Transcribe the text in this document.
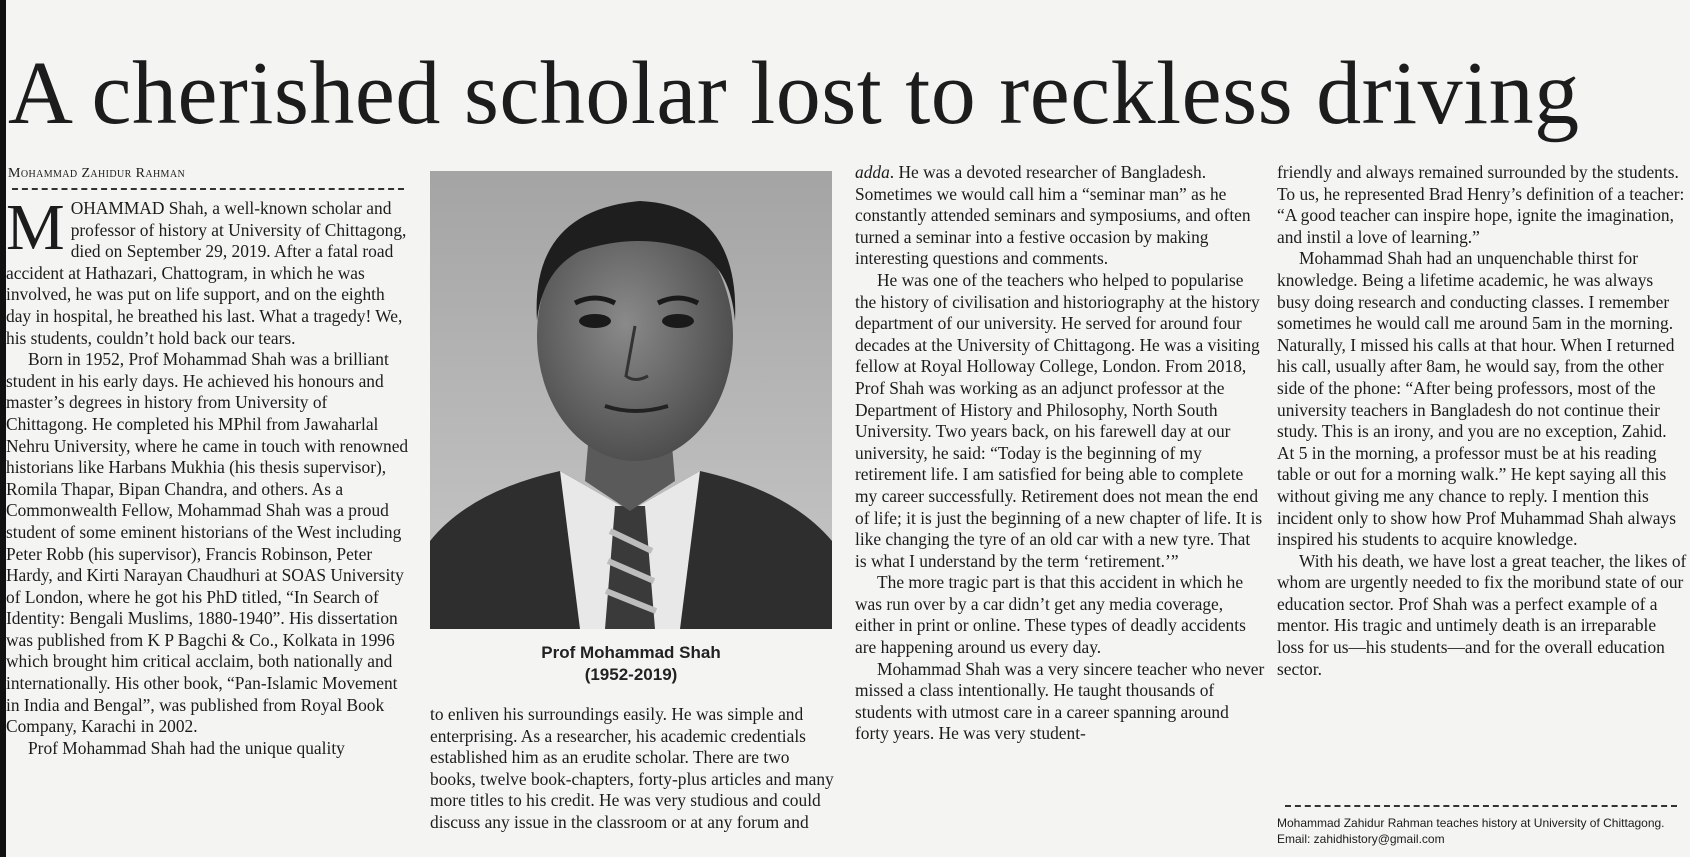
A cherished scholar lost to reckless driving
Mohammad Zahidur Rahman

MOHAMMAD Shah, a well-known scholar and professor of history at University of Chittagong, died on September 29, 2019. After a fatal road accident at Hathazari, Chattogram, in which he was involved, he was put on life support, and on the eighth day in hospital, he breathed his last. What a tragedy! We, his students, couldn’t hold back our tears.

Born in 1952, Prof Mohammad Shah was a brilliant student in his early days. He achieved his honours and master’s degrees in history from University of Chittagong. He completed his MPhil from Jawaharlal Nehru University, where he came in touch with renowned historians like Harbans Mukhia (his thesis supervisor), Romila Thapar, Bipan Chandra, and others. As a Commonwealth Fellow, Mohammad Shah was a proud student of some eminent historians of the West including Peter Robb (his supervisor), Francis Robinson, Peter Hardy, and Kirti Narayan Chaudhuri at SOAS University of London, where he got his PhD titled, “In Search of Identity: Bengali Muslims, 1880-1940”. His dissertation was published from K P Bagchi & Co., Kolkata in 1996 which brought him critical acclaim, both nationally and internationally. His other book, “Pan-Islamic Movement in India and Bengal”, was published from Royal Book Company, Karachi in 2002.

Prof Mohammad Shah had the unique quality

Prof Mohammad Shah
(1952-2019)

to enliven his surroundings easily. He was simple and enterprising. As a researcher, his academic credentials established him as an erudite scholar. There are two books, twelve book-chapters, forty-plus articles and many more titles to his credit. He was very studious and could discuss any issue in the classroom or at any forum and

adda. He was a devoted researcher of Bangladesh. Sometimes we would call him a “seminar man” as he constantly attended seminars and symposiums, and often turned a seminar into a festive occasion by making interesting questions and comments.

He was one of the teachers who helped to popularise the history of civilisation and historiography at the history department of our university. He served for around four decades at the University of Chittagong. He was a visiting fellow at Royal Holloway College, London. From 2018, Prof Shah was working as an adjunct professor at the Department of History and Philosophy, North South University. Two years back, on his farewell day at our university, he said: “Today is the beginning of my retirement life. I am satisfied for being able to complete my career successfully. Retirement does not mean the end of life; it is just the beginning of a new chapter of life. It is like changing the tyre of an old car with a new tyre. That is what I understand by the term ‘retirement.’”

The more tragic part is that this accident in which he was run over by a car didn’t get any media coverage, either in print or online. These types of deadly accidents are happening around us every day.

Mohammad Shah was a very sincere teacher who never missed a class intentionally. He taught thousands of students with utmost care in a career spanning around forty years. He was very student-

friendly and always remained surrounded by the students. To us, he represented Brad Henry’s definition of a teacher: “A good teacher can inspire hope, ignite the imagination, and instil a love of learning.”

Mohammad Shah had an unquenchable thirst for knowledge. Being a lifetime academic, he was always busy doing research and conducting classes. I remember sometimes he would call me around 5am in the morning. Naturally, I missed his calls at that hour. When I returned his call, usually after 8am, he would say, from the other side of the phone: “After being professors, most of the university teachers in Bangladesh do not continue their study. This is an irony, and you are no exception, Zahid. At 5 in the morning, a professor must be at his reading table or out for a morning walk.” He kept saying all this without giving me any chance to reply. I mention this incident only to show how Prof Muhammad Shah always inspired his students to acquire knowledge.

With his death, we have lost a great teacher, the likes of whom are urgently needed to fix the moribund state of our education sector. Prof Shah was a perfect example of a mentor. His tragic and untimely death is an irreparable loss for us—his students—and for the overall education sector.

Mohammad Zahidur Rahman teaches history at University of Chittagong. Email: zahidhistory@gmail.com
